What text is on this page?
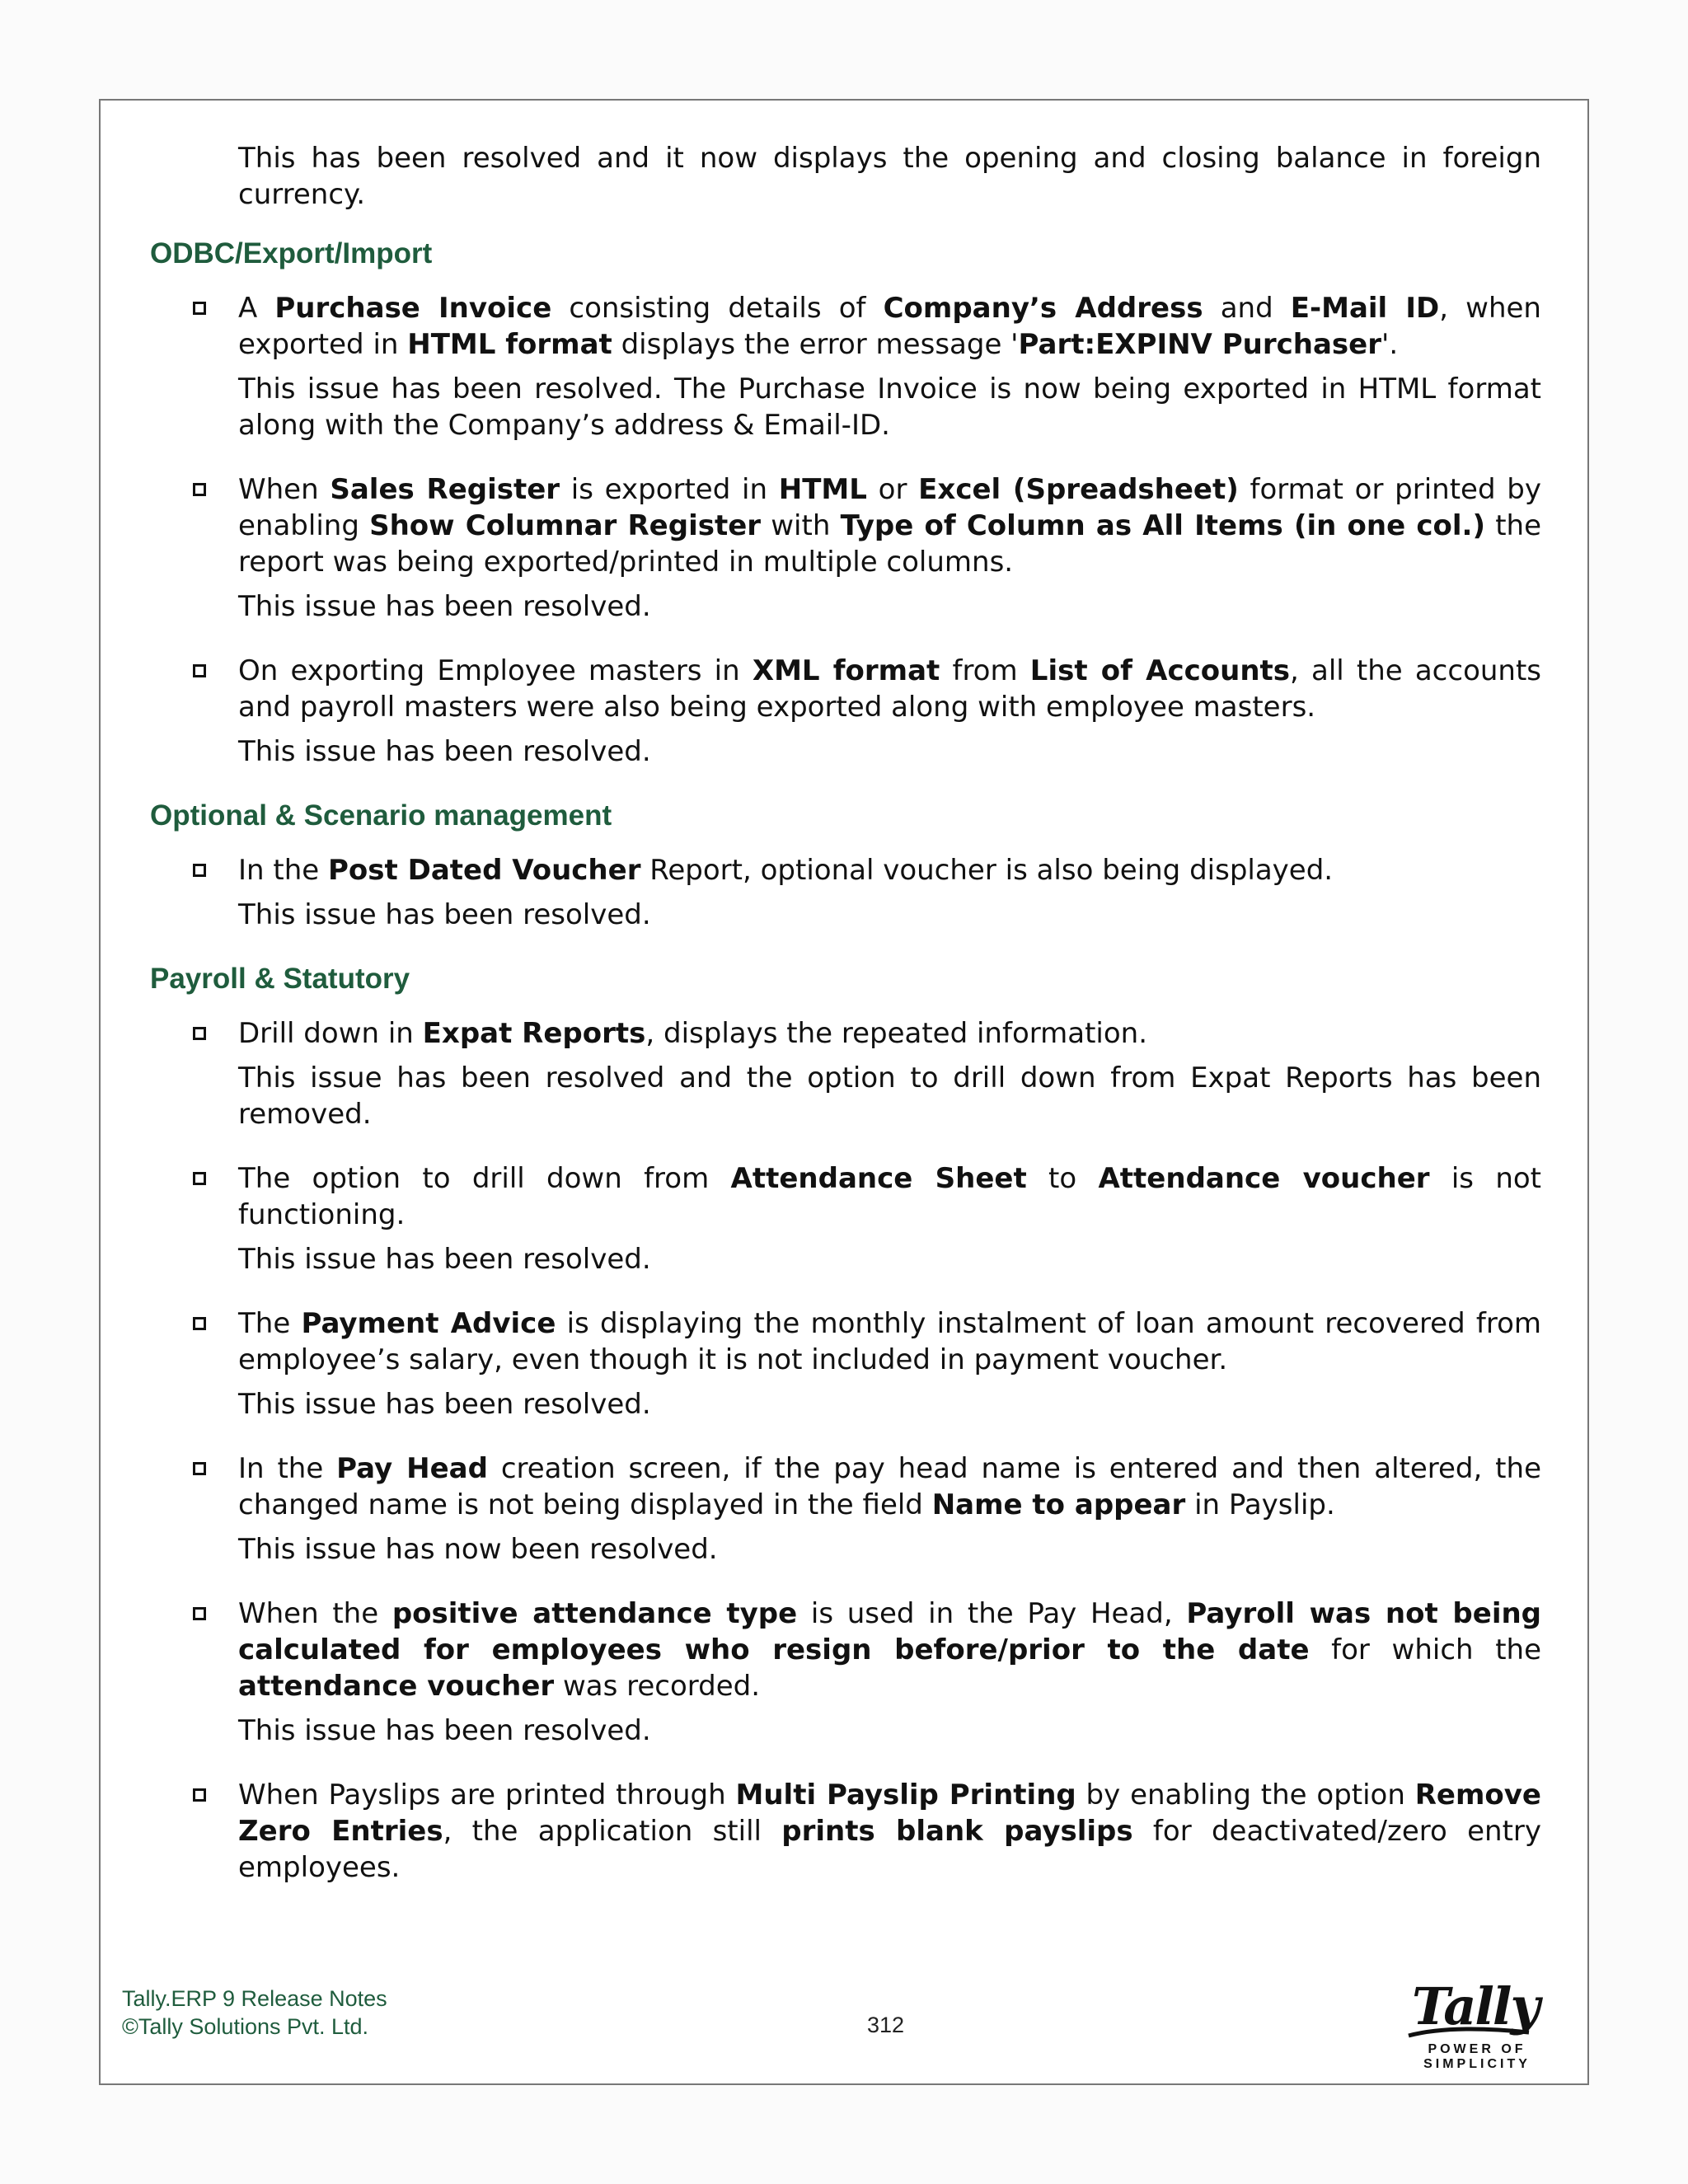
This has been resolved and it now displays the opening and closing balance in foreign currency.

ODBC/Export/Import

A Purchase Invoice consisting details of Company’s Address and E-Mail ID, when exported in HTML format displays the error message 'Part:EXPINV Purchaser'.

This issue has been resolved. The Purchase Invoice is now being exported in HTML format along with the Company’s address & Email-ID.

When Sales Register is exported in HTML or Excel (Spreadsheet) format or printed by enabling Show Columnar Register with Type of Column as All Items (in one col.) the report was being exported/printed in multiple columns.

This issue has been resolved.

On exporting Employee masters in XML format from List of Accounts, all the accounts and payroll masters were also being exported along with employee masters.

This issue has been resolved.

Optional & Scenario management

In the Post Dated Voucher Report, optional voucher is also being displayed.

This issue has been resolved.

Payroll & Statutory

Drill down in Expat Reports, displays the repeated information.

This issue has been resolved and the option to drill down from Expat Reports has been removed.

The option to drill down from Attendance Sheet to Attendance voucher is not functioning.

This issue has been resolved.

The Payment Advice is displaying the monthly instalment of loan amount recovered from employee’s salary, even though it is not included in payment voucher.

This issue has been resolved.

In the Pay Head creation screen, if the pay head name is entered and then altered, the changed name is not being displayed in the field Name to appear in Payslip.

This issue has now been resolved.

When the positive attendance type is used in the Pay Head, Payroll was not being calculated for employees who resign before/prior to the date for which the attendance voucher was recorded.

This issue has been resolved.

When Payslips are printed through Multi Payslip Printing by enabling the option Remove Zero Entries, the application still prints blank payslips for deactivated/zero entry employees.

Tally.ERP 9 Release Notes
©Tally Solutions Pvt. Ltd.	312	Tally
POWER OF SIMPLICITY
